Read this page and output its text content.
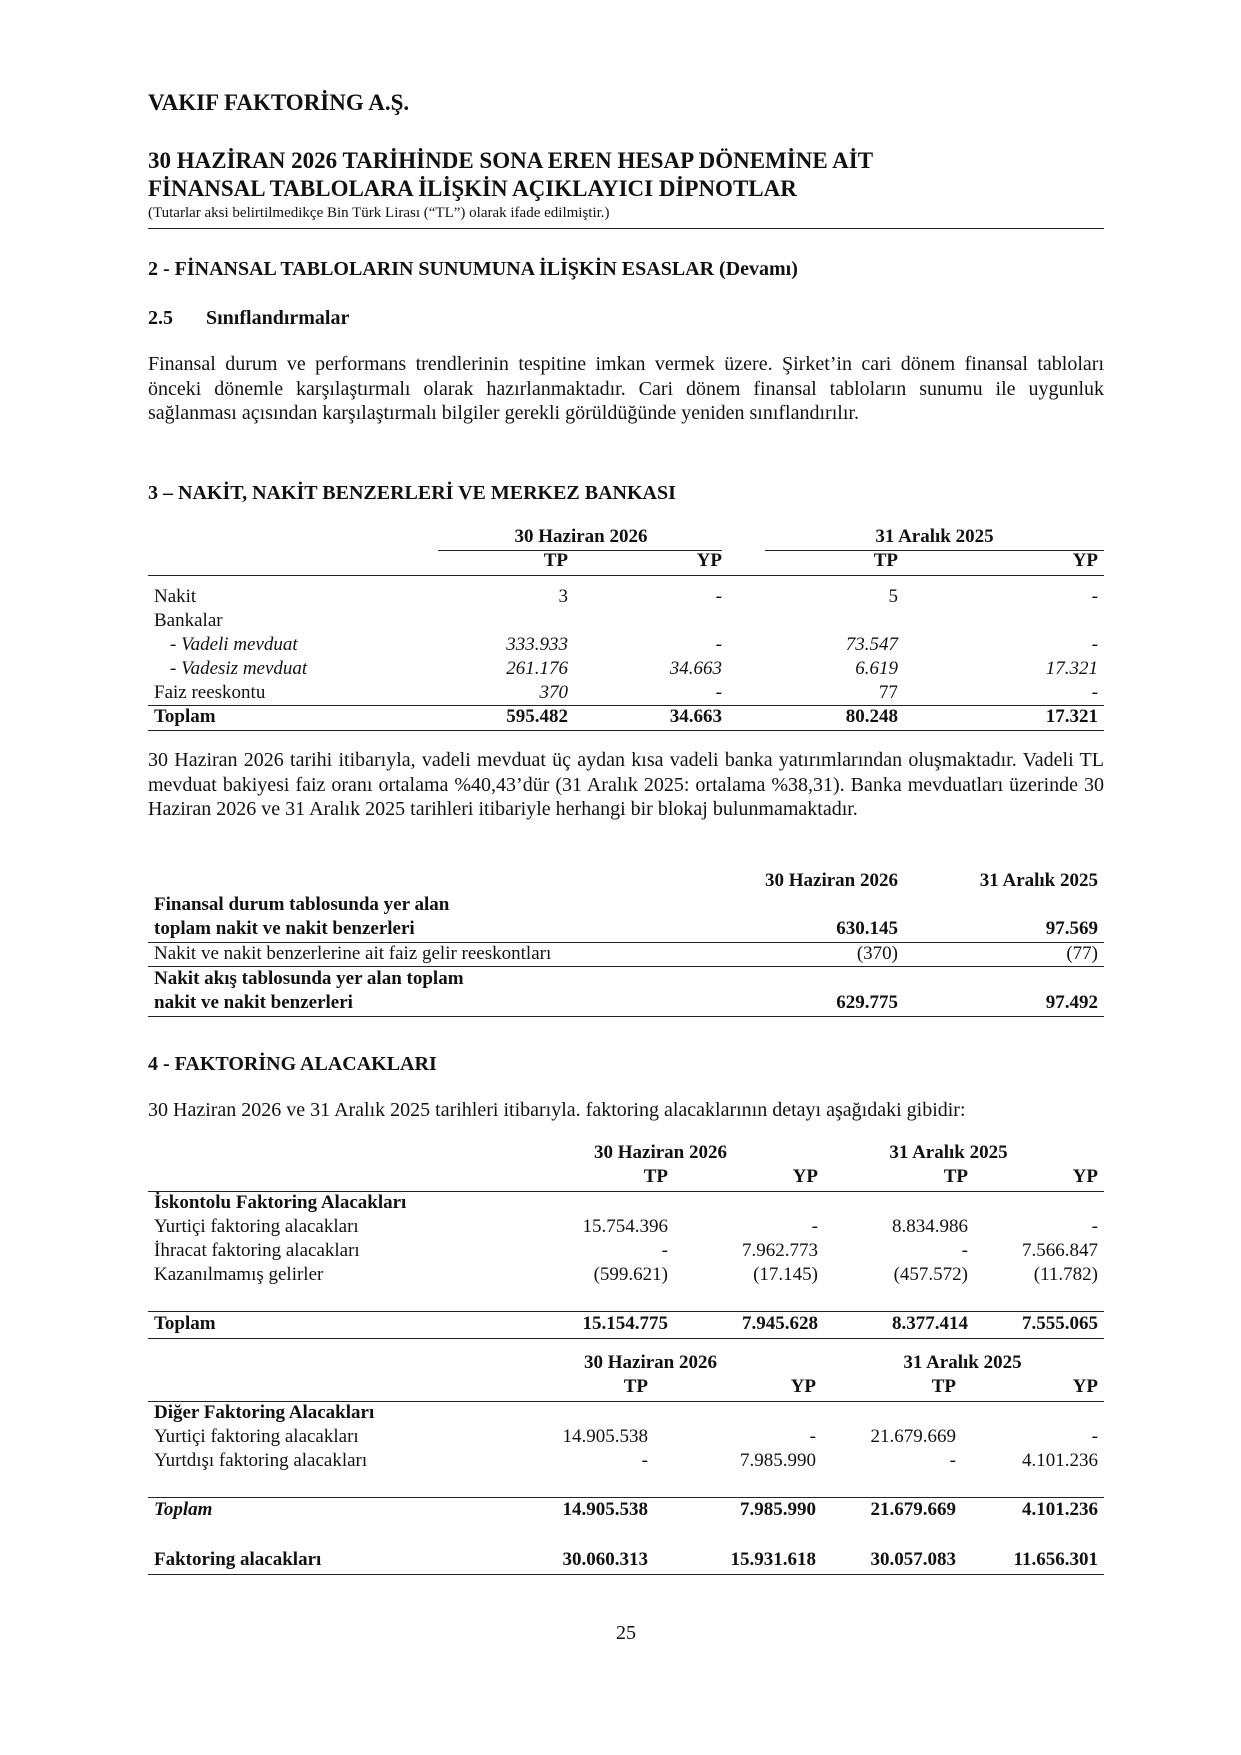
VAKIF FAKTORİNG A.Ş.
30 HAZİRAN 2026 TARİHİNDE SONA EREN HESAP DÖNEMİNE AİT
FİNANSAL TABLOLARA İLİŞKİN AÇIKLAYICI DİPNOTLAR
(Tutarlar aksi belirtilmedikçe Bin Türk Lirası (“TL”) olarak ifade edilmiştir.)
2 - FİNANSAL TABLOLARIN SUNUMUNA İLİŞKİN ESASLAR (Devamı)
2.5 Sınıflandırmalar
Finansal durum ve performans trendlerinin tespitine imkan vermek üzere. Şirket’in cari dönem finansal tabloları önceki dönemle karşılaştırmalı olarak hazırlanmaktadır. Cari dönem finansal tabloların sunumu ile uygunluk sağlanması açısından karşılaştırmalı bilgiler gerekli görüldüğünde yeniden sınıflandırılır.
3 – NAKİT, NAKİT BENZERLERİ VE MERKEZ BANKASI
30 Haziran 2026	31 Aralık 2025
TP	YP	TP	YP
Nakit	3	-	5	-
Bankalar
- Vadeli mevduat	333.933	-	73.547	-
- Vadesiz mevduat	261.176	34.663	6.619	17.321
Faiz reeskontu	370	-	77	-
Toplam	595.482	34.663	80.248	17.321
30 Haziran 2026 tarihi itibarıyla, vadeli mevduat üç aydan kısa vadeli banka yatırımlarından oluşmaktadır. Vadeli TL mevduat bakiyesi faiz oranı ortalama %40,43’dür (31 Aralık 2025: ortalama %38,31). Banka mevduatları üzerinde 30 Haziran 2026 ve 31 Aralık 2025 tarihleri itibariyle herhangi bir blokaj bulunmamaktadır.
30 Haziran 2026	31 Aralık 2025
Finansal durum tablosunda yer alan
toplam nakit ve nakit benzerleri	630.145	97.569
Nakit ve nakit benzerlerine ait faiz gelir reeskontları	(370)	(77)
Nakit akış tablosunda yer alan toplam
nakit ve nakit benzerleri	629.775	97.492
4 - FAKTORİNG ALACAKLARI
30 Haziran 2026 ve 31 Aralık 2025 tarihleri itibarıyla. faktoring alacaklarının detayı aşağıdaki gibidir:
30 Haziran 2026	31 Aralık 2025
TP	YP	TP	YP
İskontolu Faktoring Alacakları
Yurtiçi faktoring alacakları	15.754.396	-	8.834.986	-
İhracat faktoring alacakları	-	7.962.773	-	7.566.847
Kazanılmamış gelirler	(599.621)	(17.145)	(457.572)	(11.782)
Toplam	15.154.775	7.945.628	8.377.414	7.555.065
30 Haziran 2026	31 Aralık 2025
TP	YP	TP	YP
Diğer Faktoring Alacakları
Yurtiçi faktoring alacakları	14.905.538	-	21.679.669	-
Yurtdışı faktoring alacakları	-	7.985.990	-	4.101.236
Toplam	14.905.538	7.985.990	21.679.669	4.101.236
Faktoring alacakları	30.060.313	15.931.618	30.057.083	11.656.301
25
